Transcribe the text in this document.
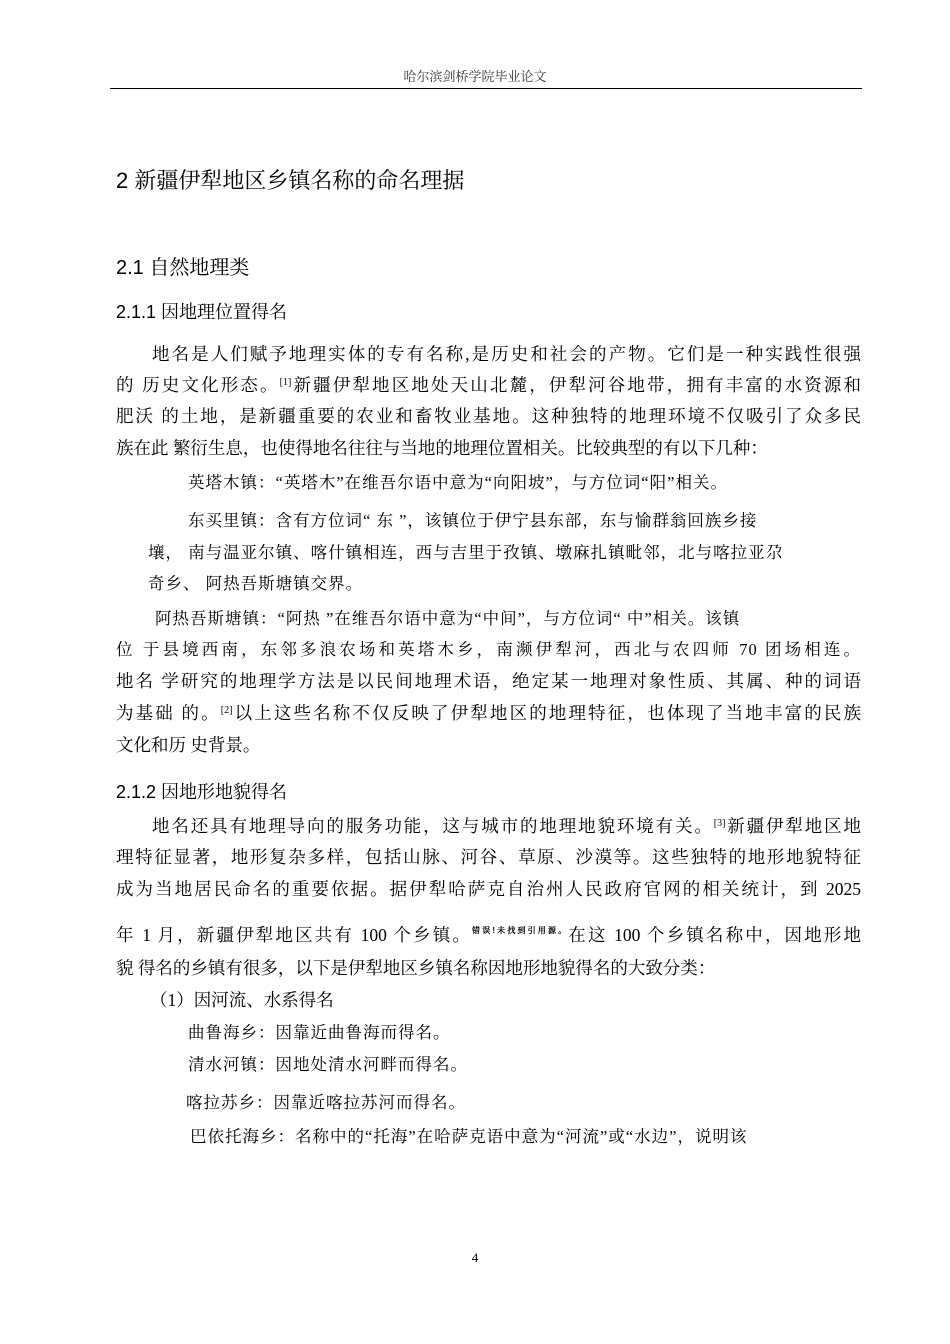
哈尔滨剑桥学院毕业论文
2 新疆伊犁地区乡镇名称的命名理据
2.1 自然地理类
2.1.1 因地理位置得名
地名是人们赋予地理实体的专有名称,是历史和社会的产物。它们是一种实践性很强
的 历史文化形态。[1]新疆伊犁地区地处天山北麓，伊犁河谷地带，拥有丰富的水资源和
肥沃 的土地，是新疆重要的农业和畜牧业基地。这种独特的地理环境不仅吸引了众多民
族在此 繁衍生息，也使得地名往往与当地的地理位置相关。比较典型的有以下几种：
英塔木镇：“英塔木”在维吾尔语中意为“向阳坡”，与方位词“阳”相关。
东买里镇：含有方位词“ 东 ”，该镇位于伊宁县东部，东与愉群翁回族乡接
壤， 南与温亚尔镇、喀什镇相连，西与吉里于孜镇、墩麻扎镇毗邻，北与喀拉亚尕
奇乡、 阿热吾斯塘镇交界。
阿热吾斯塘镇：“阿热 ”在维吾尔语中意为“中间”，与方位词“ 中”相关。该镇
位 于县境西南，东邻多浪农场和英塔木乡，南濒伊犁河，西北与农四师 70 团场相连。
地名 学研究的地理学方法是以民间地理术语，绝定某一地理对象性质、其属、种的词语
为基础 的。[2]以上这些名称不仅反映了伊犁地区的地理特征，也体现了当地丰富的民族
文化和历 史背景。
2.1.2 因地形地貌得名
地名还具有地理导向的服务功能，这与城市的地理地貌环境有关。[3]新疆伊犁地区地
理特征显著，地形复杂多样，包括山脉、河谷、草原、沙漠等。这些独特的地形地貌特征
成为当地居民命名的重要依据。据伊犁哈萨克自治州人民政府官网的相关统计，到 2025
年 1 月，新疆伊犁地区共有 100 个乡镇。$^{错误!未找到引用源。}$在这 100 个乡镇名称中，因地形地
貌 得名的乡镇有很多，以下是伊犁地区乡镇名称因地形地貌得名的大致分类：
（1）因河流、水系得名
曲鲁海乡：因靠近曲鲁海而得名。
清水河镇：因地处清水河畔而得名。
喀拉苏乡：因靠近喀拉苏河而得名。
巴依托海乡：名称中的“托海”在哈萨克语中意为“河流”或“水边”，说明该
4
